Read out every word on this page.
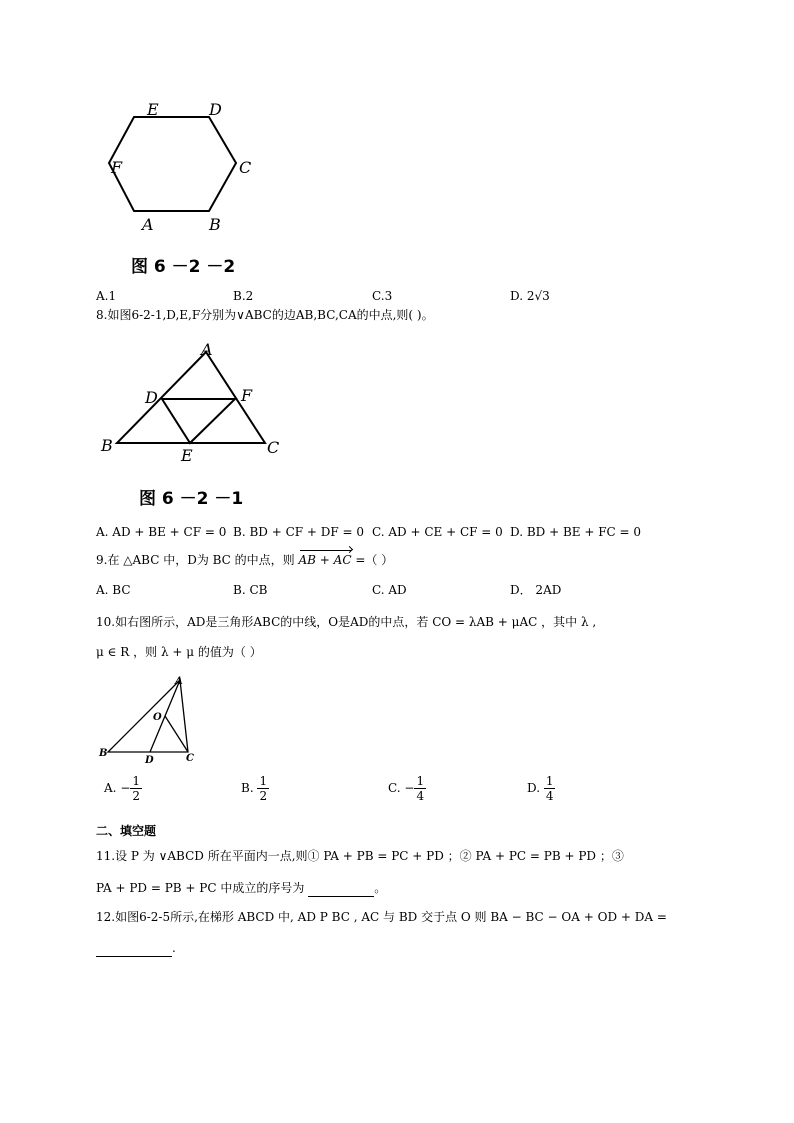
E	D
F	C
A	B
图 6 －2 －2
A.1	B.2	C.3	D. 2√3
8.如图6-2-1,D,E,F分别为∨ABC的边AB,BC,CA的中点,则( )。
A
D	F
B
E	C
图 6 －2 －1
A. AD + BE + CF = 0 B. BD + CF + DF = 0 C. AD + CE + CF = 0 D. BD + BE + FC = 0
9.在 △ABC 中，D为 BC 的中点，则 AB + AC =（ ）
A. BC	B. CB	C. AD	D． 2AD
10.如右图所示，AD是三角形ABC的中线，O是AD的中点，若 CO = λAB + μAC ，其中 λ ,
μ ∈ R ，则 λ + μ 的值为（ ）
A
O
B
D	C
A. − $\frac{1}{2}$	B. $\frac{1}{2}$	C. − $\frac{1}{4}$	D. $\frac{1}{4}$
二、填空题
11.设 P 为 ∨ABCD 所在平面内一点,则① PA + PB = PC + PD ；② PA + PC = PB + PD ；③
PA + PD = PB + PC 中成立的序号为	。
12.如图6-2-5所示,在梯形 ABCD 中, AD P BC , AC 与 BD 交于点 O 则 BA − BC − OA + OD + DA =
.
